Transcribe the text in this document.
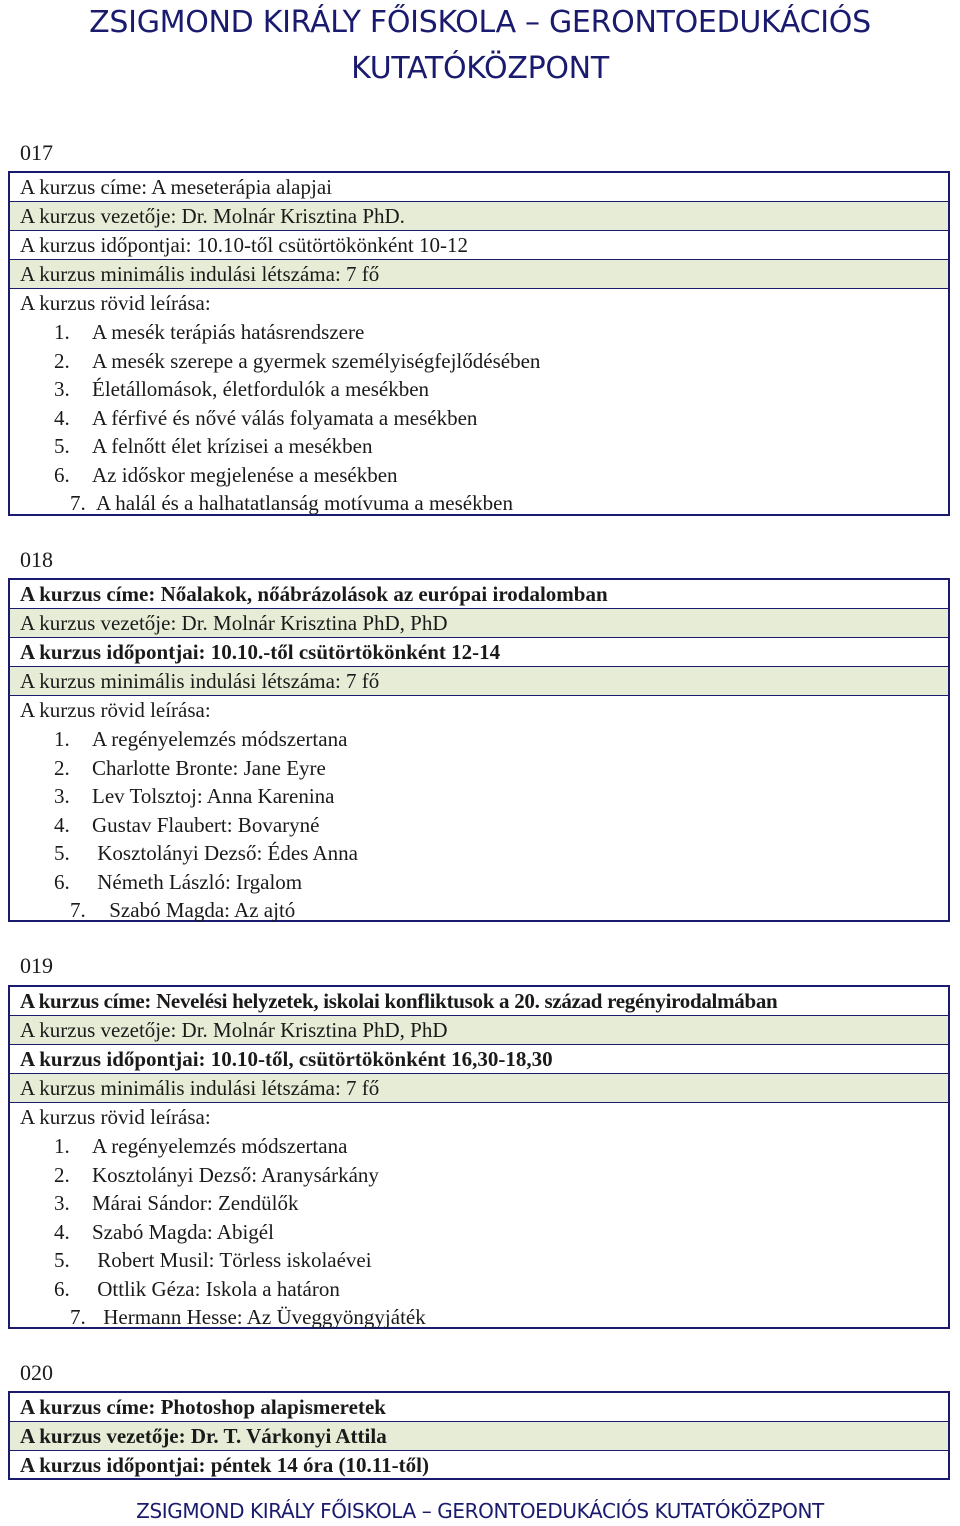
ZSIGMOND KIRÁLY FŐISKOLA – GERONTOEDUKÁCIÓS
KUTATÓKÖZPONT
017
A kurzus címe: A meseterápia alapjai
A kurzus vezetője: Dr. Molnár Krisztina PhD.
A kurzus időpontjai: 10.10-től csütörtökönként 10-12
A kurzus minimális indulási létszáma: 7 fő
A kurzus rövid leírása:
1. A mesék terápiás hatásrendszere
2. A mesék szerepe a gyermek személyiségfejlődésében
3. Életállomások, életfordulók a mesékben
4. A férfivé és nővé válás folyamata a mesékben
5. A felnőtt élet krízisei a mesékben
6. Az időskor megjelenése a mesékben
7. A halál és a halhatatlanság motívuma a mesékben
018
A kurzus címe: Nőalakok, nőábrázolások az európai irodalomban
A kurzus vezetője: Dr. Molnár Krisztina PhD, PhD
A kurzus időpontjai: 10.10.-től csütörtökönként 12-14
A kurzus minimális indulási létszáma: 7 fő
A kurzus rövid leírása:
1. A regényelemzés módszertana
2. Charlotte Bronte: Jane Eyre
3. Lev Tolsztoj: Anna Karenina
4. Gustav Flaubert: Bovaryné
5. Kosztolányi Dezső: Édes Anna
6. Németh László: Irgalom
7. Szabó Magda: Az ajtó
019
A kurzus címe: Nevelési helyzetek, iskolai konfliktusok a 20. század regényirodalmában
A kurzus vezetője: Dr. Molnár Krisztina PhD, PhD
A kurzus időpontjai: 10.10-től, csütörtökönként 16,30-18,30
A kurzus minimális indulási létszáma: 7 fő
A kurzus rövid leírása:
1. A regényelemzés módszertana
2. Kosztolányi Dezső: Aranysárkány
3. Márai Sándor: Zendülők
4. Szabó Magda: Abigél
5. Robert Musil: Törless iskolaévei
6. Ottlik Géza: Iskola a határon
7. Hermann Hesse: Az Üveggyöngyjáték
020
A kurzus címe: Photoshop alapismeretek
A kurzus vezetője: Dr. T. Várkonyi Attila
A kurzus időpontjai: péntek 14 óra (10.11-től)
ZSIGMOND KIRÁLY FŐISKOLA – GERONTOEDUKÁCIÓS KUTATÓKÖZPONT
